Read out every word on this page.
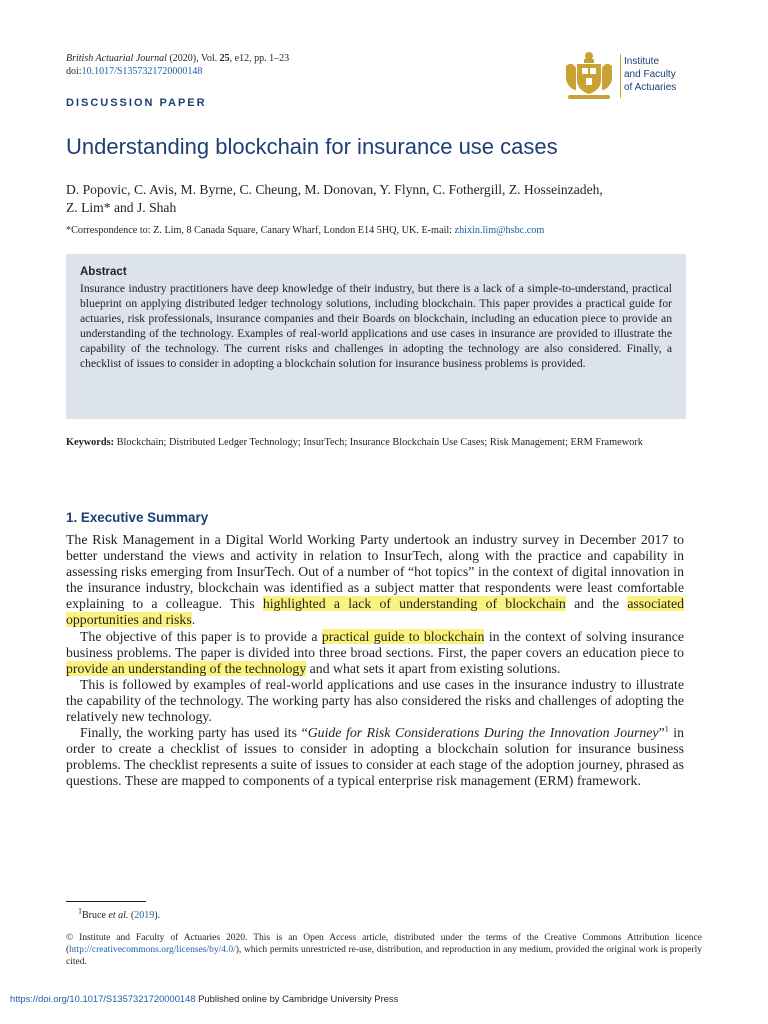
British Actuarial Journal (2020), Vol. 25, e12, pp. 1–23
doi:10.1017/S1357321720000148
Institute
and Faculty
of Actuaries
DISCUSSION PAPER
Understanding blockchain for insurance use cases
D. Popovic, C. Avis, M. Byrne, C. Cheung, M. Donovan, Y. Flynn, C. Fothergill, Z. Hosseinzadeh,
Z. Lim* and J. Shah
*Correspondence to: Z. Lim, 8 Canada Square, Canary Wharf, London E14 5HQ, UK. E-mail: zhixin.lim@hsbc.com
Abstract
Insurance industry practitioners have deep knowledge of their industry, but there is a lack of a simple-to-understand, practical blueprint on applying distributed ledger technology solutions, including blockchain. This paper provides a practical guide for actuaries, risk professionals, insurance companies and their Boards on blockchain, including an education piece to provide an understanding of the technology. Examples of real-world applications and use cases in insurance are provided to illustrate the capability of the technology. The current risks and challenges in adopting the technology are also considered. Finally, a checklist of issues to consider in adopting a blockchain solution for insurance business problems is provided.
Keywords: Blockchain; Distributed Ledger Technology; InsurTech; Insurance Blockchain Use Cases; Risk Management; ERM Framework
1. Executive Summary

The Risk Management in a Digital World Working Party undertook an industry survey in December 2017 to better understand the views and activity in relation to InsurTech, along with the practice and capability in assessing risks emerging from InsurTech. Out of a number of “hot topics” in the context of digital innovation in the insurance industry, blockchain was identified as a subject matter that respondents were least comfortable explaining to a colleague. This highlighted a lack of understanding of blockchain and the associated opportunities and risks.

The objective of this paper is to provide a practical guide to blockchain in the context of solving insurance business problems. The paper is divided into three broad sections. First, the paper covers an education piece to provide an understanding of the technology and what sets it apart from existing solutions.

This is followed by examples of real-world applications and use cases in the insurance industry to illustrate the capability of the technology. The working party has also considered the risks and challenges of adopting the relatively new technology.

Finally, the working party has used its “Guide for Risk Considerations During the Innovation Journey”$^1$ in order to create a checklist of issues to consider in adopting a blockchain solution for insurance business problems. The checklist represents a suite of issues to consider at each stage of the adoption journey, phrased as questions. These are mapped to components of a typical enterprise risk management (ERM) framework.

$^1$Bruce et al. (2019).
© Institute and Faculty of Actuaries 2020. This is an Open Access article, distributed under the terms of the Creative Commons Attribution licence (http://creativecommons.org/licenses/by/4.0/), which permits unrestricted re-use, distribution, and reproduction in any medium, provided the original work is properly cited.
https://doi.org/10.1017/S1357321720000148 Published online by Cambridge University Press
